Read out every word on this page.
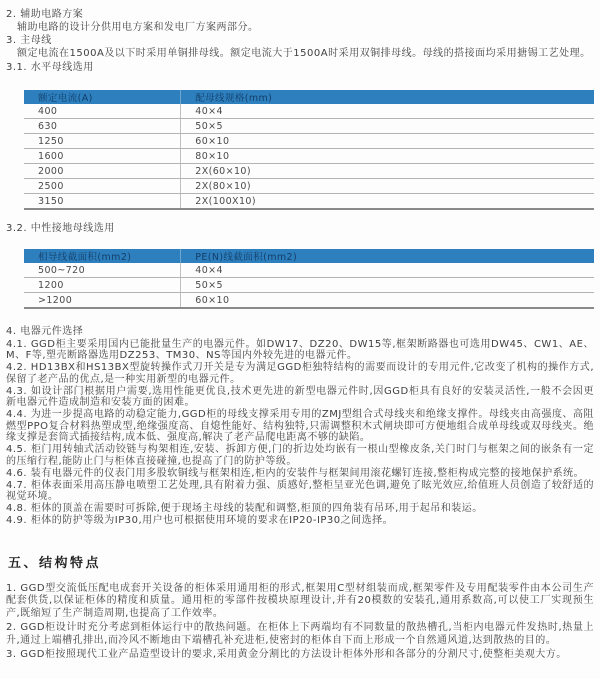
2. 辅助电路方案

辅助电路的设计分供用电方案和发电厂方案两部分。

3. 主母线

额定电流在1500A及以下时采用单铜排母线。额定电流大于1500A时采用双铜排母线。母线的搭接面均采用搪锡工艺处理。

3.1. 水平母线选用

额定电流(A)	配母线规格(mm)
400	40×4
630	50×5
1250	60×10
1600	80×10
2000	2X(60×10)
2500	2X(80×10)
3150	2X(100X10)

3.2. 中性接地母线选用

相导线截面积(mm2)	PE(N)线截面积(mm2)
500~720	40×4
1200	50×5
>1200	60×10

4. 电器元件选择

4.1. GGD柜主要采用国内已能批量生产的电器元件。如DW17、DZ20、DW15等,框架断路器也可选用DW45、CW1、AE、M、F等,塑壳断路器选用DZ253、TM30、NS等国内外较先进的电器元件。

4.2. HD13BX和HS13BX型旋转操作式刀开关是专为满足GGD柜独特结构的需要而设计的专用元件,它改变了机构的操作方式,保留了老产品的优点,是一种实用新型的电器元件。

4.3. 如设计部门根据用户需要,选用性能更优良,技术更先进的新型电器元件时,因GGD柜具有良好的安装灵活性,一般不会因更新电器元件造成制造和安装方面的困难。

4.4. 为进一步提高电路的动稳定能力,GGD柜的母线支撑采用专用的ZMJ型组合式母线夹和绝缘支撑件。母线夹由高强度、高阻燃型PPO复合材料热塑成型,绝缘强度高、自熄性能好、结构独特,只需调整积木式闸块即可方便地组合成单母线或双母线夹。绝缘支撑是套筒式插接结构,成本低、强度高,解决了老产品爬电距离不够的缺陷。

4.5. 柜门用转轴式活动铰链与构架相连,安装、拆卸方便,门的折边处均嵌有一根山型橡皮条,关门时门与框架之间的嵌条有一定的压缩行程,能防止门与柜体直接碰撞,也提高了门的防护等级。

4.6. 装有电器元件的仪表门用多股软铜线与框架相连,柜内的安装件与框架间用滚花螺钉连接,整柜构成完整的接地保护系统。

4.7. 柜体表面采用高压静电喷塑工艺处理,具有附着力强、质感好,整柜呈亚光色调,避免了眩光效应,给值班人员创造了较舒适的视觉环境。

4.8. 柜体的顶盖在需要时可拆除,便于现场主母线的装配和调整,柜顶的四角装有吊环,用于起吊和装运。

4.9. 柜体的防护等级为IP30,用户也可根据使用环境的要求在IP20-IP30之间选择。

五、结构特点

1. GGD型交流低压配电成套开关设备的柜体采用通用柜的形式,框架用C型材组装而成,框架零件及专用配装零件由本公司生产配套供货,以保证柜体的精度和质量。通用柜的零部件按模块原理设计,并有20模数的安装孔,通用系数高,可以使工厂实现预生产,既缩短了生产制造周期,也提高了工作效率。

2. GGD柜设计时充分考虑到柜体运行中的散热问题。在柜体上下两端均有不同数量的散热槽孔,当柜内电器元件发热时,热量上升,通过上端槽孔排出,而冷风不断地由下端槽孔补充进柜,使密封的柜体自下而上形成一个自然通风道,达到散热的目的。

3. GGD柜按照现代工业产品造型设计的要求,采用黄金分割比的方法设计柜体外形和各部分的分割尺寸,使整柜美观大方。
